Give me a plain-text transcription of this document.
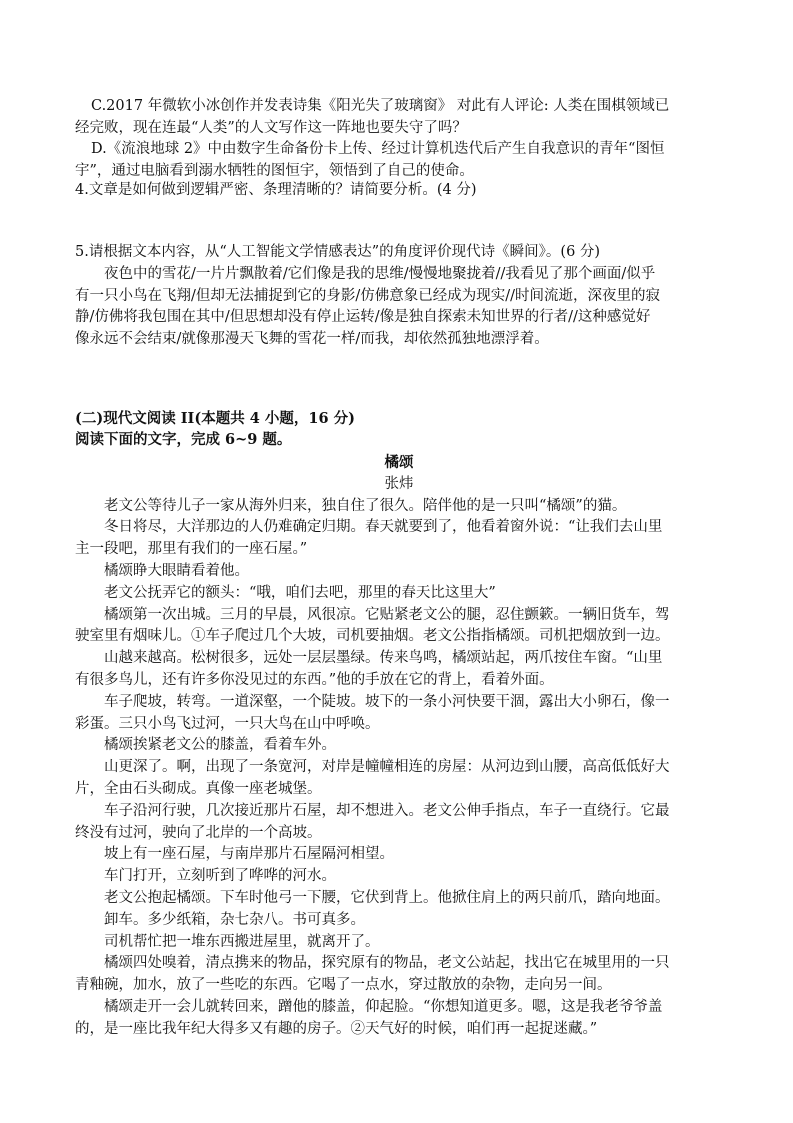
C.2017 年微软小冰创作并发表诗集《阳光失了玻璃窗》 对此有人评论: 人类在围棋领域已

经完败，现在连最“人类”的人文写作这一阵地也要失守了吗？

D.《流浪地球 2》中由数字生命备份卡上传、经过计算机迭代后产生自我意识的青年“图恒

宇”，通过电脑看到溺水牺牲的图恒宇，领悟到了自己的使命。

4.文章是如何做到逻辑严密、条理清晰的？请简要分析。(4 分)

5.请根据文本内容，从“人工智能文学情感表达”的角度评价现代诗《瞬间》。(6 分)

夜色中的雪花/一片片飘散着/它们像是我的思维/慢慢地聚拢着//我看见了那个画面/似乎

有一只小鸟在飞翔/但却无法捕捉到它的身影/仿佛意象已经成为现实//时间流逝，深夜里的寂

静/仿佛将我包围在其中/但思想却没有停止运转/像是独自探索未知世界的行者//这种感觉好

像永远不会结束/就像那漫天飞舞的雪花一样/而我，却依然孤独地漂浮着。

(二)现代文阅读 II(本题共 4 小题，16 分)

阅读下面的文字，完成 6~9 题。

橘颂

张炜

老文公等待儿子一家从海外归来，独自住了很久。陪伴他的是一只叫“橘颂”的猫。

冬日将尽，大洋那边的人仍难确定归期。春天就要到了，他看着窗外说：“让我们去山里

主一段吧，那里有我们的一座石屋。”

橘颂睁大眼睛看着他。

老文公抚弄它的额头：“哦，咱们去吧，那里的春天比这里大”

橘颂第一次出城。三月的早晨，风很凉。它贴紧老文公的腿，忍住颤簌。一辆旧货车，驾

驶室里有烟味儿。①车子爬过几个大坡，司机要抽烟。老文公指指橘颂。司机把烟放到一边。

山越来越高。松树很多，远处一层层墨绿。传来鸟鸣，橘颂站起，两爪按住车窗。“山里

有很多鸟儿，还有许多你没见过的东西。”他的手放在它的背上，看着外面。

车子爬坡，转弯。一道深壑，一个陡坡。坡下的一条小河快要干涸，露出大小卵石，像一

彩蛋。三只小鸟飞过河，一只大鸟在山中呼唤。

橘颂挨紧老文公的膝盖，看着车外。

山更深了。啊，出现了一条宽河，对岸是幢幢相连的房屋：从河边到山腰，高高低低好大

片，全由石头砌成。真像一座老城堡。

车子沿河行驶，几次接近那片石屋，却不想进入。老文公伸手指点，车子一直绕行。它最

终没有过河，驶向了北岸的一个高坡。

坡上有一座石屋，与南岸那片石屋隔河相望。

车门打开，立刻听到了哗哗的河水。

老文公抱起橘颂。下车时他弓一下腰，它伏到背上。他掀住肩上的两只前爪，踏向地面。

卸车。多少纸箱，杂七杂八。书可真多。

司机帮忙把一堆东西搬进屋里，就离开了。

橘颂四处嗅着，清点携来的物品，探究原有的物品，老文公站起，找出它在城里用的一只

青釉碗，加水，放了一些吃的东西。它喝了一点水，穿过散放的杂物，走向另一间。

橘颂走开一会儿就转回来，蹭他的膝盖，仰起脸。“你想知道更多。嗯，这是我老爷爷盖

的，是一座比我年纪大得多又有趣的房子。②天气好的时候，咱们再一起捉迷藏。”
